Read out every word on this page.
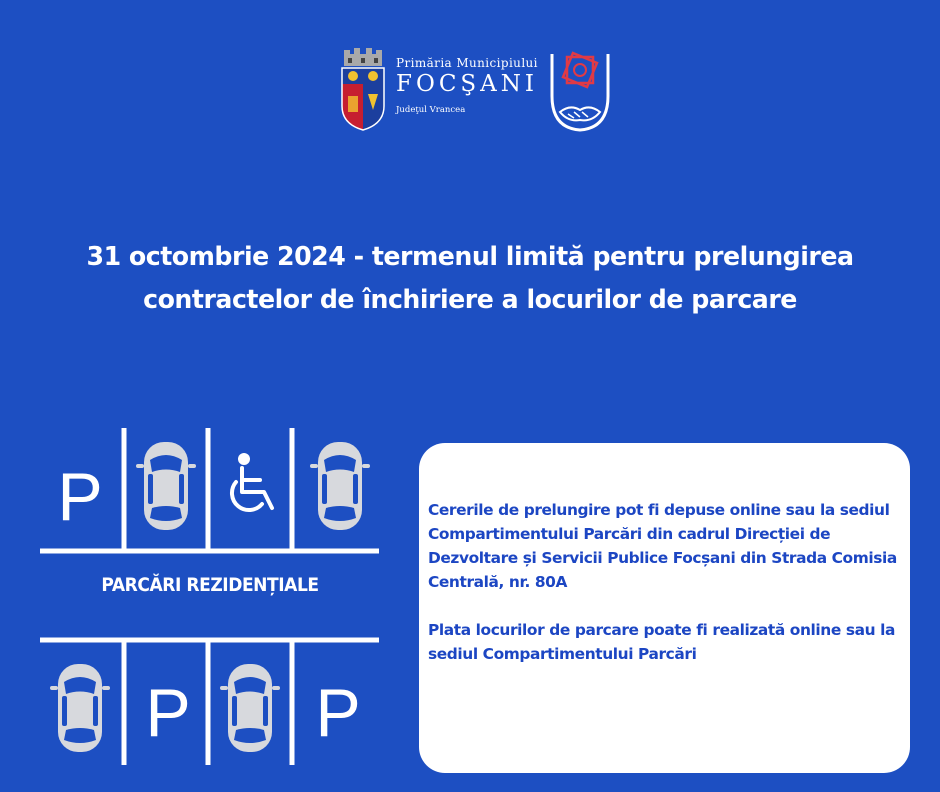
Primăria Municipiului
FOCŞANI
Judeţul Vrancea
31 octombrie 2024 - termenul limită pentru prelungirea
contractelor de închiriere a locurilor de parcare
P
P P
PARCĂRI REZIDENȚIALE

Cererile de prelungire pot fi depuse online sau la sediul Compartimentului Parcări din cadrul Direcției de Dezvoltare și Servicii Publice Focșani din Strada Comisia Centrală, nr. 80A

Plata locurilor de parcare poate fi realizată online sau la sediul Compartimentului Parcări
